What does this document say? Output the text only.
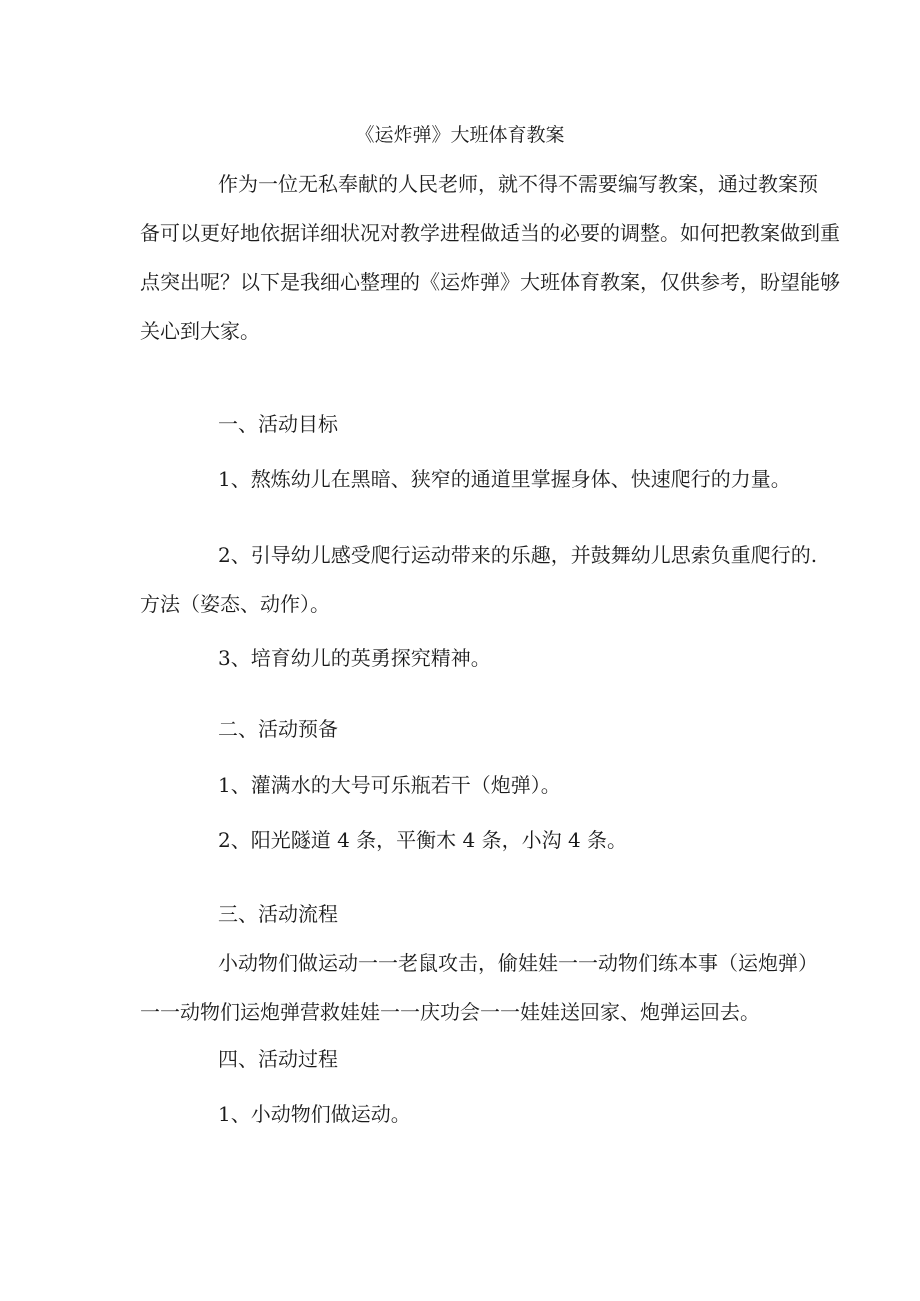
《运炸弹》大班体育教案
作为一位无私奉献的人民老师，就不得不需要编写教案，通过教案预
备可以更好地依据详细状况对教学进程做适当的必要的调整。如何把教案做到重
点突出呢？以下是我细心整理的《运炸弹》大班体育教案，仅供参考，盼望能够
关心到大家。
一、活动目标
1、熬炼幼儿在黑暗、狭窄的通道里掌握身体、快速爬行的力量。
2、引导幼儿感受爬行运动带来的乐趣，并鼓舞幼儿思索负重爬行的.
方法（姿态、动作）。
3、培育幼儿的英勇探究精神。
二、活动预备
1、灌满水的大号可乐瓶若干（炮弹）。
2、阳光隧道 4 条，平衡木 4 条，小沟 4 条。
三、活动流程
小动物们做运动一一老鼠攻击，偷娃娃一一动物们练本事（运炮弹）
一一动物们运炮弹营救娃娃一一庆功会一一娃娃送回家、炮弹运回去。
四、活动过程
1、小动物们做运动。
